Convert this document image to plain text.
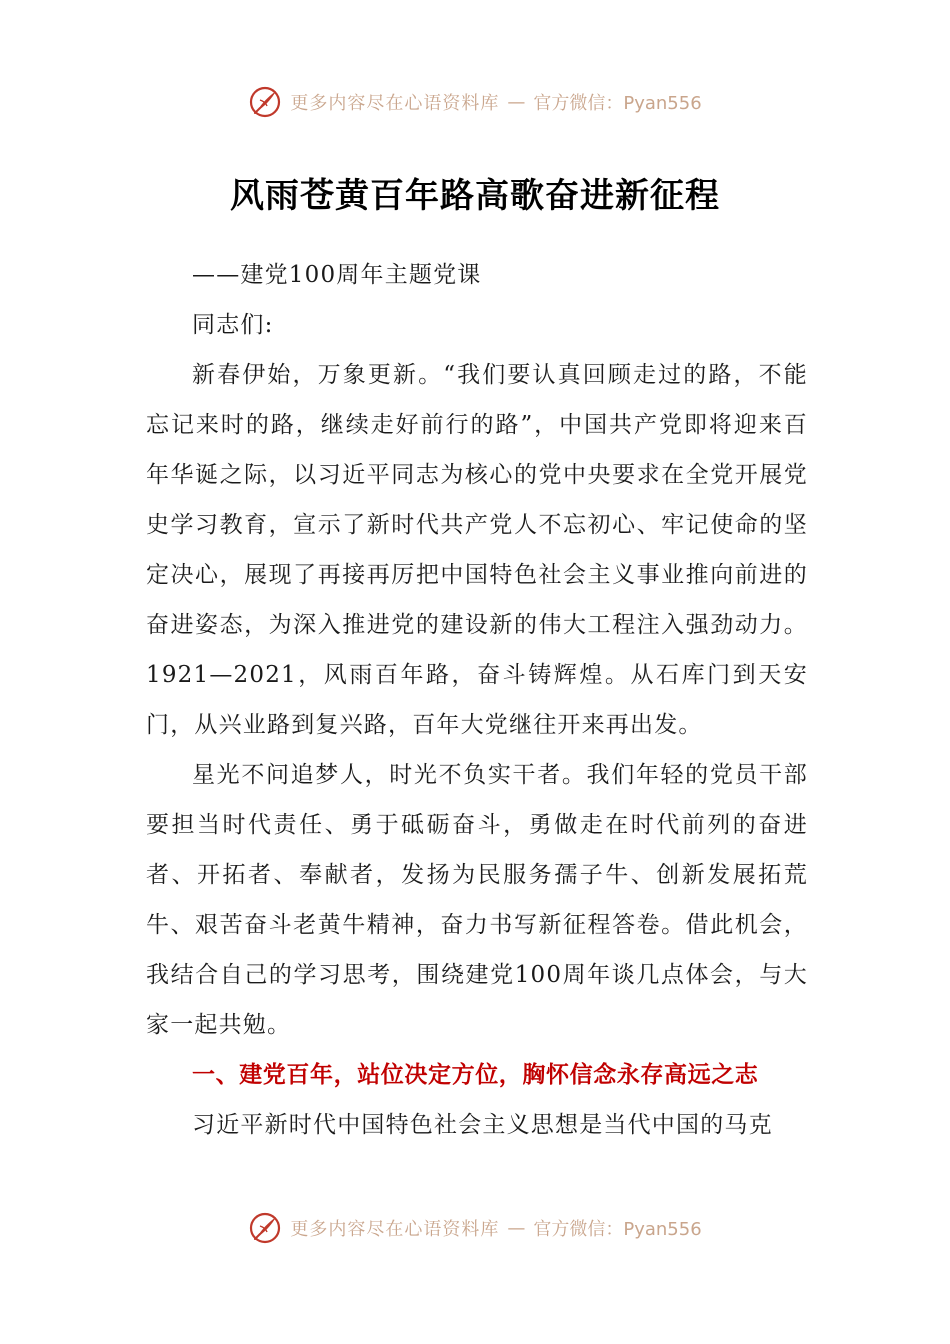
更多内容尽在心语资料库 — 官方微信：Pyan556
风雨苍黄百年路高歌奋进新征程

——建党100周年主题党课

同志们:

新春伊始，万象更新。“我们要认真回顾走过的路，不能忘记来时的路，继续走好前行的路”，中国共产党即将迎来百年华诞之际，以习近平同志为核心的党中央要求在全党开展党史学习教育，宣示了新时代共产党人不忘初心、牢记使命的坚定决心，展现了再接再厉把中国特色社会主义事业推向前进的奋进姿态，为深入推进党的建设新的伟大工程注入强劲动力。1921—2021，风雨百年路，奋斗铸辉煌。从石库门到天安门，从兴业路到复兴路，百年大党继往开来再出发。

星光不问追梦人，时光不负实干者。我们年轻的党员干部要担当时代责任、勇于砥砺奋斗，勇做走在时代前列的奋进者、开拓者、奉献者，发扬为民服务孺子牛、创新发展拓荒牛、艰苦奋斗老黄牛精神，奋力书写新征程答卷。借此机会，我结合自己的学习思考，围绕建党100周年谈几点体会，与大家一起共勉。

一、建党百年，站位决定方位，胸怀信念永存高远之志

习近平新时代中国特色社会主义思想是当代中国的马克

更多内容尽在心语资料库 — 官方微信：Pyan556
